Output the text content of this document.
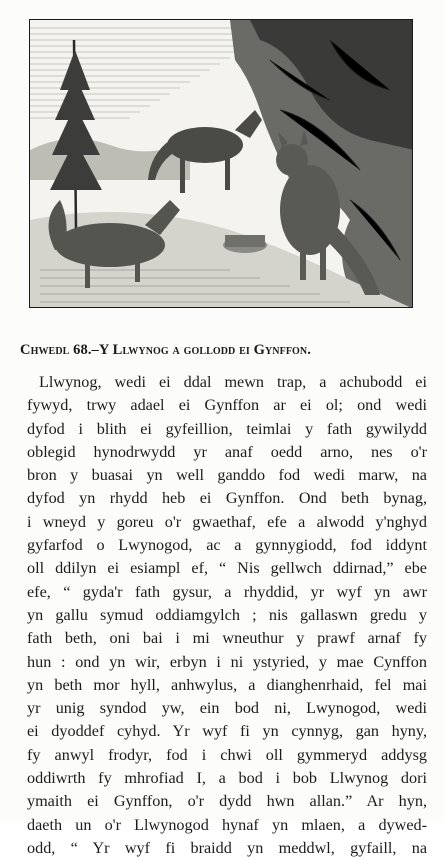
Chwedl 68.–Y Llwynog a gollodd ei Gynffon.
Llwynog, wedi ei ddal mewn trap, a achubodd ei
fywyd, trwy adael ei Gynffon ar ei ol; ond wedi
dyfod i blith ei gyfeillion, teimlai y fath gywilydd
oblegid hynodrwydd yr anaf oedd arno, nes o'r
bron y buasai yn well ganddo fod wedi marw, na
dyfod yn rhydd heb ei Gynffon. Ond beth bynag,
i wneyd y goreu o'r gwaethaf, efe a alwodd y'nghyd
gyfarfod o Lwynogod, ac a gynnygiodd, fod iddynt
oll ddilyn ei esiampl ef, “ Nis gellwch ddirnad,” ebe
efe, “ gyda'r fath gysur, a rhyddid, yr wyf yn awr
yn gallu symud oddiamgylch ; nis gallaswn gredu y
fath beth, oni bai i mi wneuthur y prawf arnaf fy
hun : ond yn wir, erbyn i ni ystyried, y mae Cynffon
yn beth mor hyll, anhwylus, a dianghenrhaid, fel mai
yr unig syndod yw, ein bod ni, Lwynogod, wedi
ei dyoddef cyhyd. Yr wyf fi yn cynnyg, gan hyny,
fy anwyl frodyr, fod i chwi oll gymmeryd addysg
oddiwrth fy mhrofiad I, a bod i bob Llwynog dori
ymaith ei Gynffon, o'r dydd hwn allan.” Ar hyn,
daeth un o'r Llwynogod hynaf yn mlaen, a dywed-
odd, “ Yr wyf fi braidd yn meddwl, gyfaill, na
